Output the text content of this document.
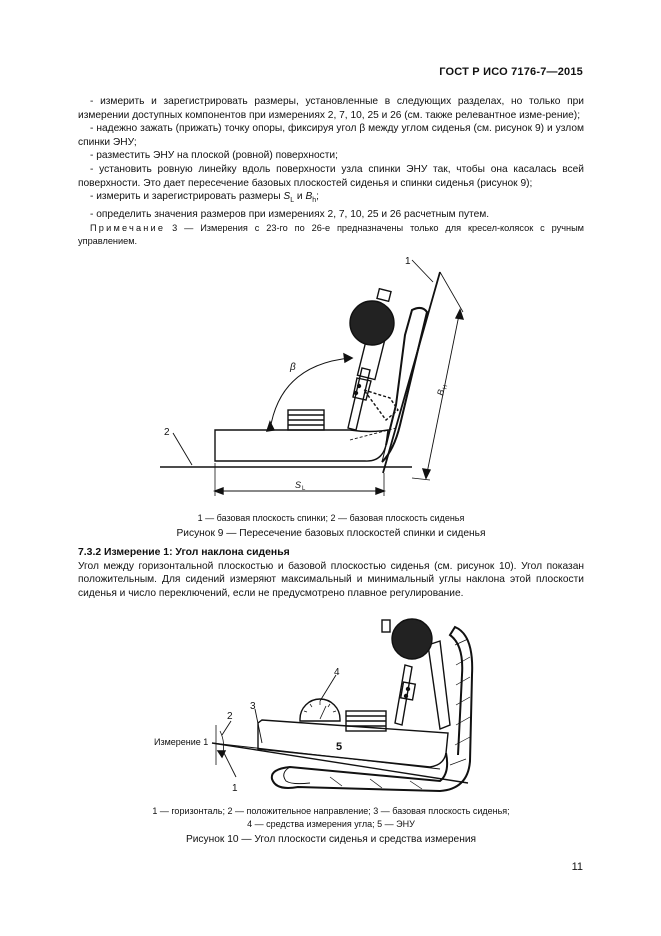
ГОСТ Р ИСО 7176-7—2015

- измерить и зарегистрировать размеры, установленные в следующих разделах, но только при измерении доступных компонентов при измерениях 2, 7, 10, 25 и 26 (см. также релевантное изме-рение);

- надежно зажать (прижать) точку опоры, фиксируя угол β между углом сиденья (см. рисунок 9) и узлом спинки ЭНУ;

- разместить ЭНУ на плоской (ровной) поверхности;

- установить ровную линейку вдоль поверхности узла спинки ЭНУ так, чтобы она касалась всей поверхности. Это дает пересечение базовых плоскостей сиденья и спинки сиденья (рисунок 9);

- измерить и зарегистрировать размеры $S_L$ и $B_h$;

- определить значения размеров при измерениях 2, 7, 10, 25 и 26 расчетным путем.

Примечание 3 — Измерения с 23-го по 26-е предназначены только для кресел-колясок с ручным управлением.

1
2
β
S L
B
H
1 — базовая плоскость спинки; 2 — базовая плоскость сиденья
Рисунок 9 — Пересечение базовых плоскостей спинки и сиденья

7.3.2 Измерение 1: Угол наклона сиденья

Угол между горизонтальной плоскостью и базовой плоскостью сиденья (см. рисунок 10). Угол показан положительным. Для сидений измеряют максимальный и минимальный углы наклона этой плоскости сиденья и число переключений, если не предусмотрено плавное регулирование.

4
3
2
1
5
Измерение 1
1 — горизонталь; 2 — положительное направление; 3 — базовая плоскость сиденья;
4 — средства измерения угла; 5 — ЭНУ
Рисунок 10 — Угол плоскости сиденья и средства измерения
11
